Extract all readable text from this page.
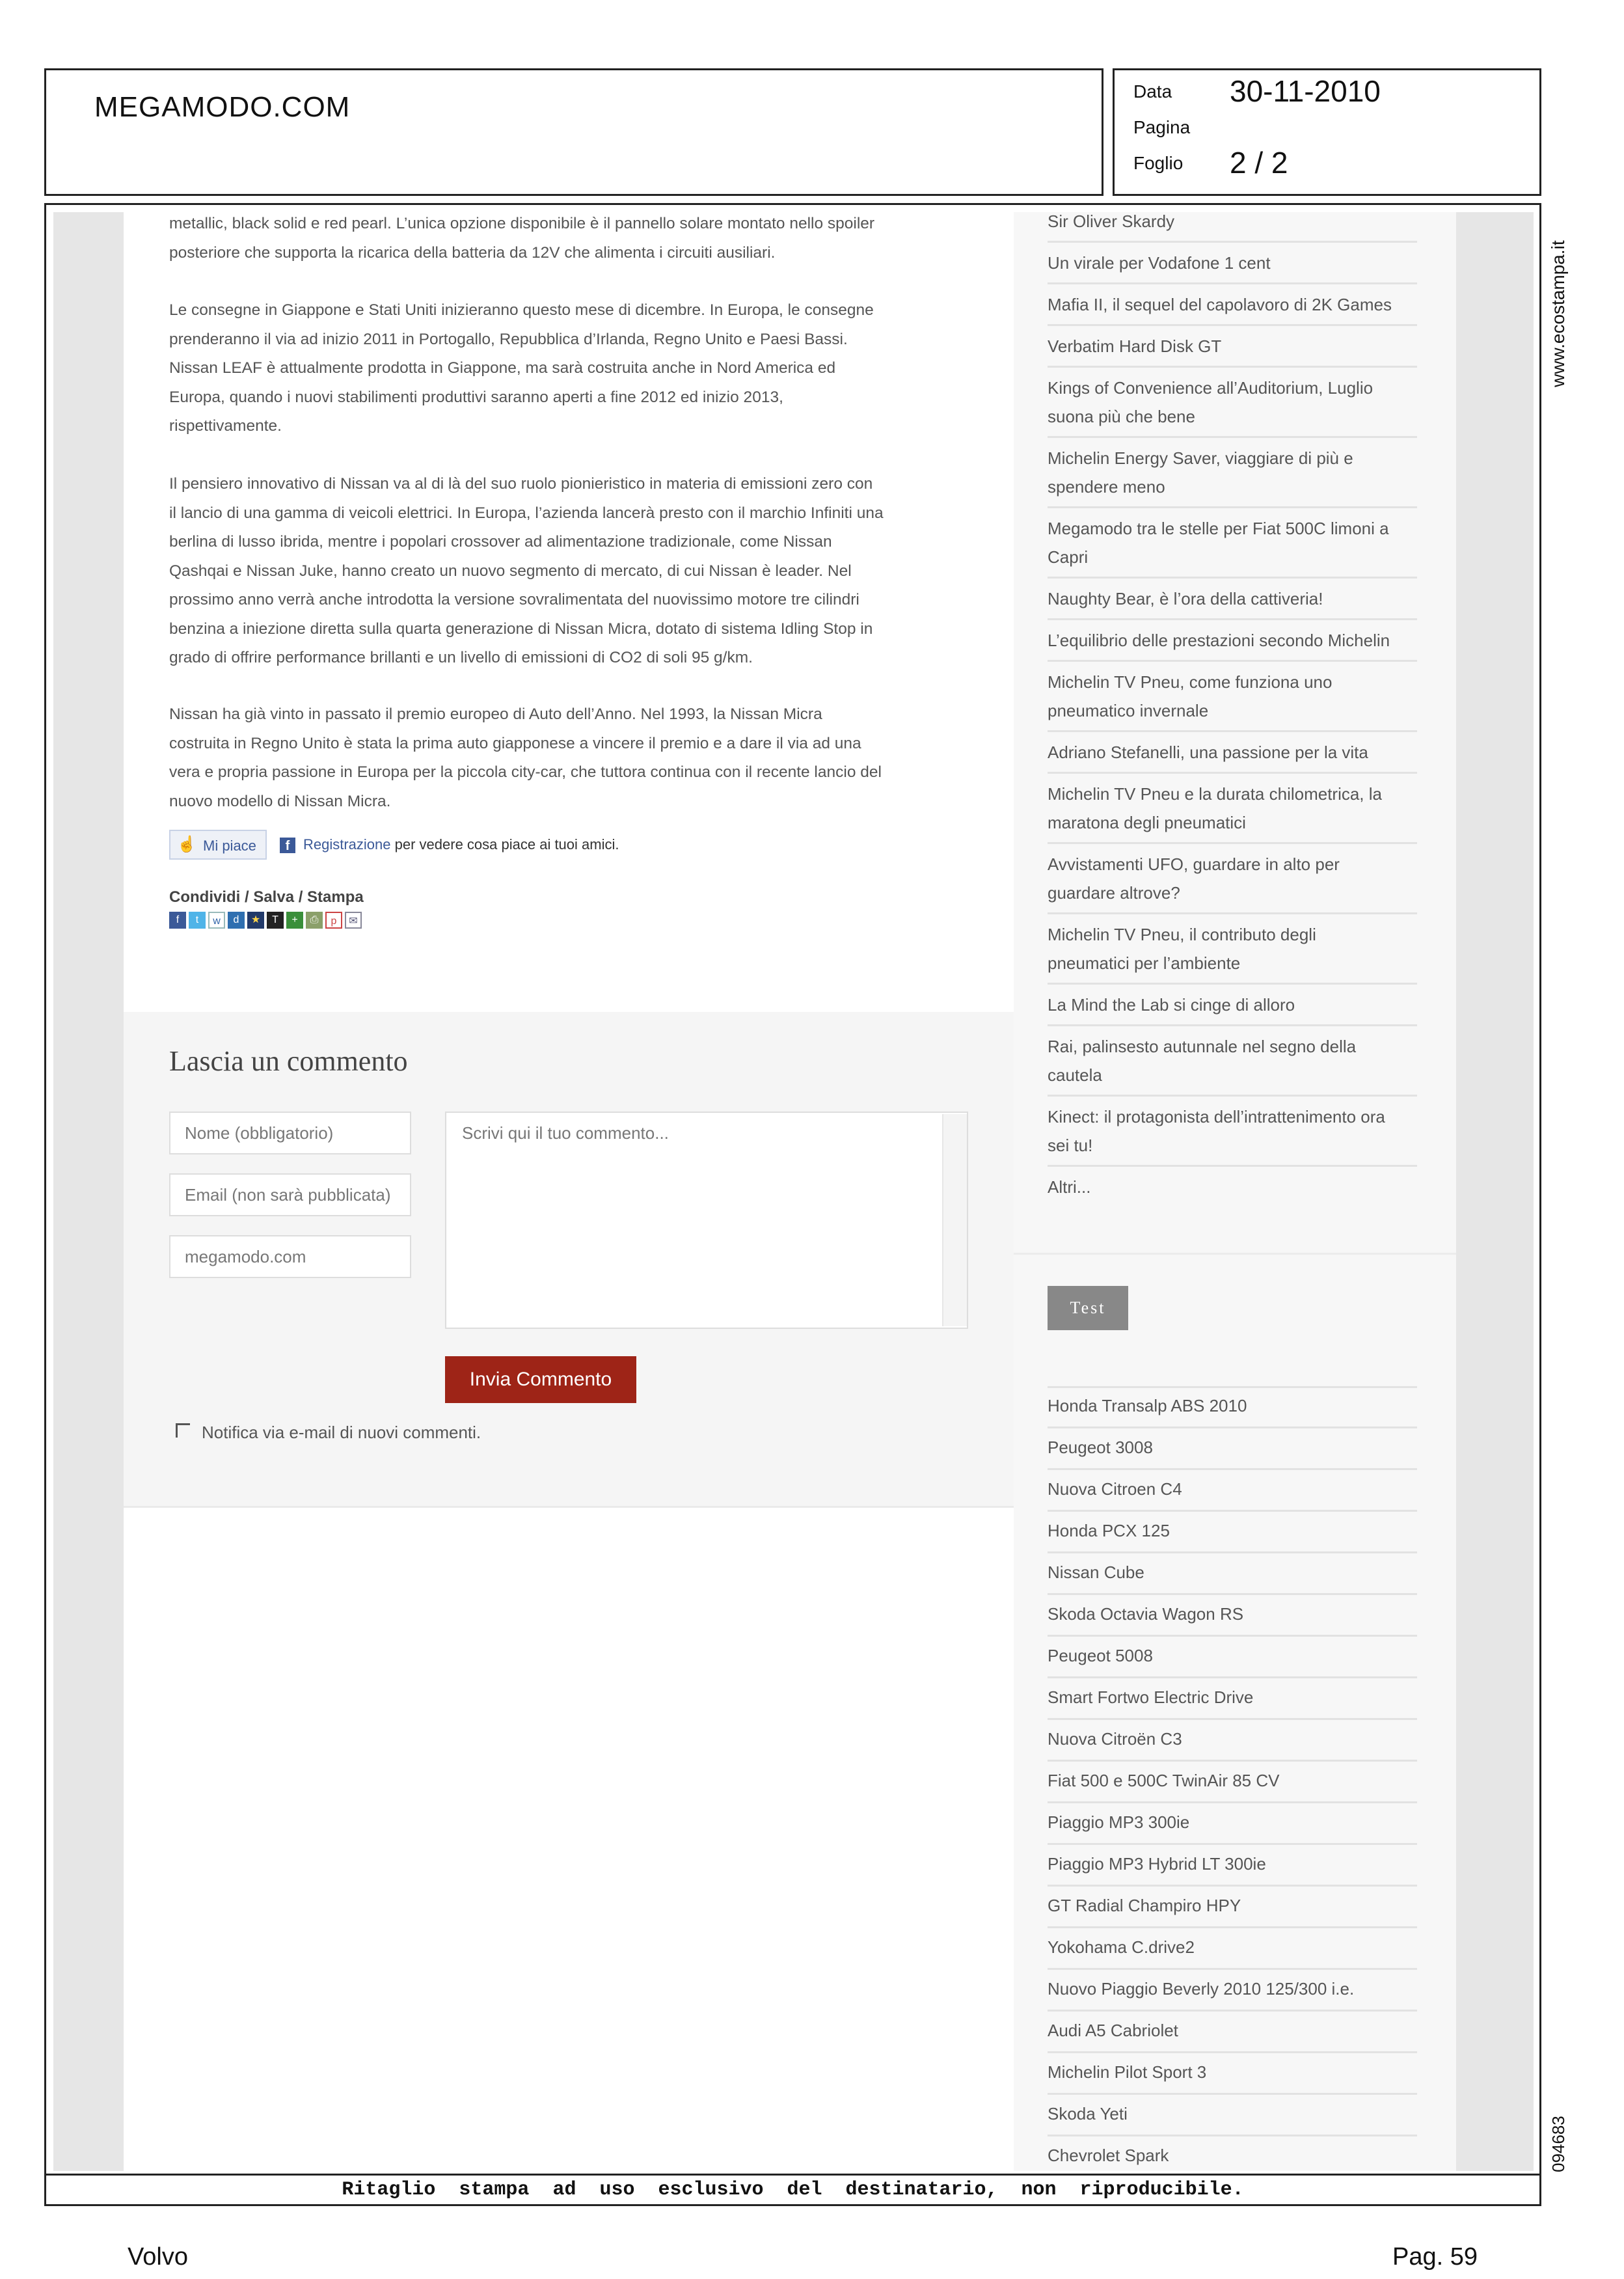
MEGAMODO.COM	Data 30-11-2010
Pagina
Foglio 2 / 2
metallic, black solid e red pearl. L’unica opzione disponibile è il pannello solare montato nello spoiler
posteriore che supporta la ricarica della batteria da 12V che alimenta i circuiti ausiliari.
Le consegne in Giappone e Stati Uniti inizieranno questo mese di dicembre. In Europa, le consegne
prenderanno il via ad inizio 2011 in Portogallo, Repubblica d’Irlanda, Regno Unito e Paesi Bassi.
Nissan LEAF è attualmente prodotta in Giappone, ma sarà costruita anche in Nord America ed
Europa, quando i nuovi stabilimenti produttivi saranno aperti a fine 2012 ed inizio 2013,
rispettivamente.
Il pensiero innovativo di Nissan va al di là del suo ruolo pionieristico in materia di emissioni zero con
il lancio di una gamma di veicoli elettrici. In Europa, l’azienda lancerà presto con il marchio Infiniti una
berlina di lusso ibrida, mentre i popolari crossover ad alimentazione tradizionale, come Nissan
Qashqai e Nissan Juke, hanno creato un nuovo segmento di mercato, di cui Nissan è leader. Nel
prossimo anno verrà anche introdotta la versione sovralimentata del nuovissimo motore tre cilindri
benzina a iniezione diretta sulla quarta generazione di Nissan Micra, dotato di sistema Idling Stop in
grado di offrire performance brillanti e un livello di emissioni di CO2 di soli 95 g/km.
Nissan ha già vinto in passato il premio europeo di Auto dell’Anno. Nel 1993, la Nissan Micra
costruita in Regno Unito è stata la prima auto giapponese a vincere il premio e a dare il via ad una
vera e propria passione in Europa per la piccola city-car, che tuttora continua con il recente lancio del
nuovo modello di Nissan Micra.
Mi piace
☝	f Registrazione per vedere cosa piace ai tuoi amici.
Condividi / Salva / Stampa
f	t	w	d	★	T	+	⎙	p	✉
Lascia un commento
Nome (obbligatorio)
Email (non sarà pubblicata)
megamodo.com
Scrivi qui il tuo commento...
Invia Commento
Notifica via e-mail di nuovi commenti.
Sir Oliver Skardy
Un virale per Vodafone 1 cent
Mafia II, il sequel del capolavoro di 2K Games
Verbatim Hard Disk GT
Kings of Convenience all’Auditorium, Luglio
suona più che bene
Michelin Energy Saver, viaggiare di più e
spendere meno
Megamodo tra le stelle per Fiat 500C limoni a
Capri
Naughty Bear, è l’ora della cattiveria!
L’equilibrio delle prestazioni secondo Michelin
Michelin TV Pneu, come funziona uno
pneumatico invernale
Adriano Stefanelli, una passione per la vita
Michelin TV Pneu e la durata chilometrica, la
maratona degli pneumatici
Avvistamenti UFO, guardare in alto per
guardare altrove?
Michelin TV Pneu, il contributo degli
pneumatici per l’ambiente
La Mind the Lab si cinge di alloro
Rai, palinsesto autunnale nel segno della
cautela
Kinect: il protagonista dell’intrattenimento ora
sei tu!
Altri...
Test
Honda Transalp ABS 2010
Peugeot 3008
Nuova Citroen C4
Honda PCX 125
Nissan Cube
Skoda Octavia Wagon RS
Peugeot 5008
Smart Fortwo Electric Drive
Nuova Citroën C3
Fiat 500 e 500C TwinAir 85 CV
Piaggio MP3 300ie
Piaggio MP3 Hybrid LT 300ie
GT Radial Champiro HPY
Yokohama C.drive2
Nuovo Piaggio Beverly 2010 125/300 i.e.
Audi A5 Cabriolet
Michelin Pilot Sport 3
Skoda Yeti
Chevrolet Spark
www.ecostampa.it
094683
Ritaglio stampa ad uso esclusivo del destinatario, non riproducibile.
Volvo	Pag. 59
